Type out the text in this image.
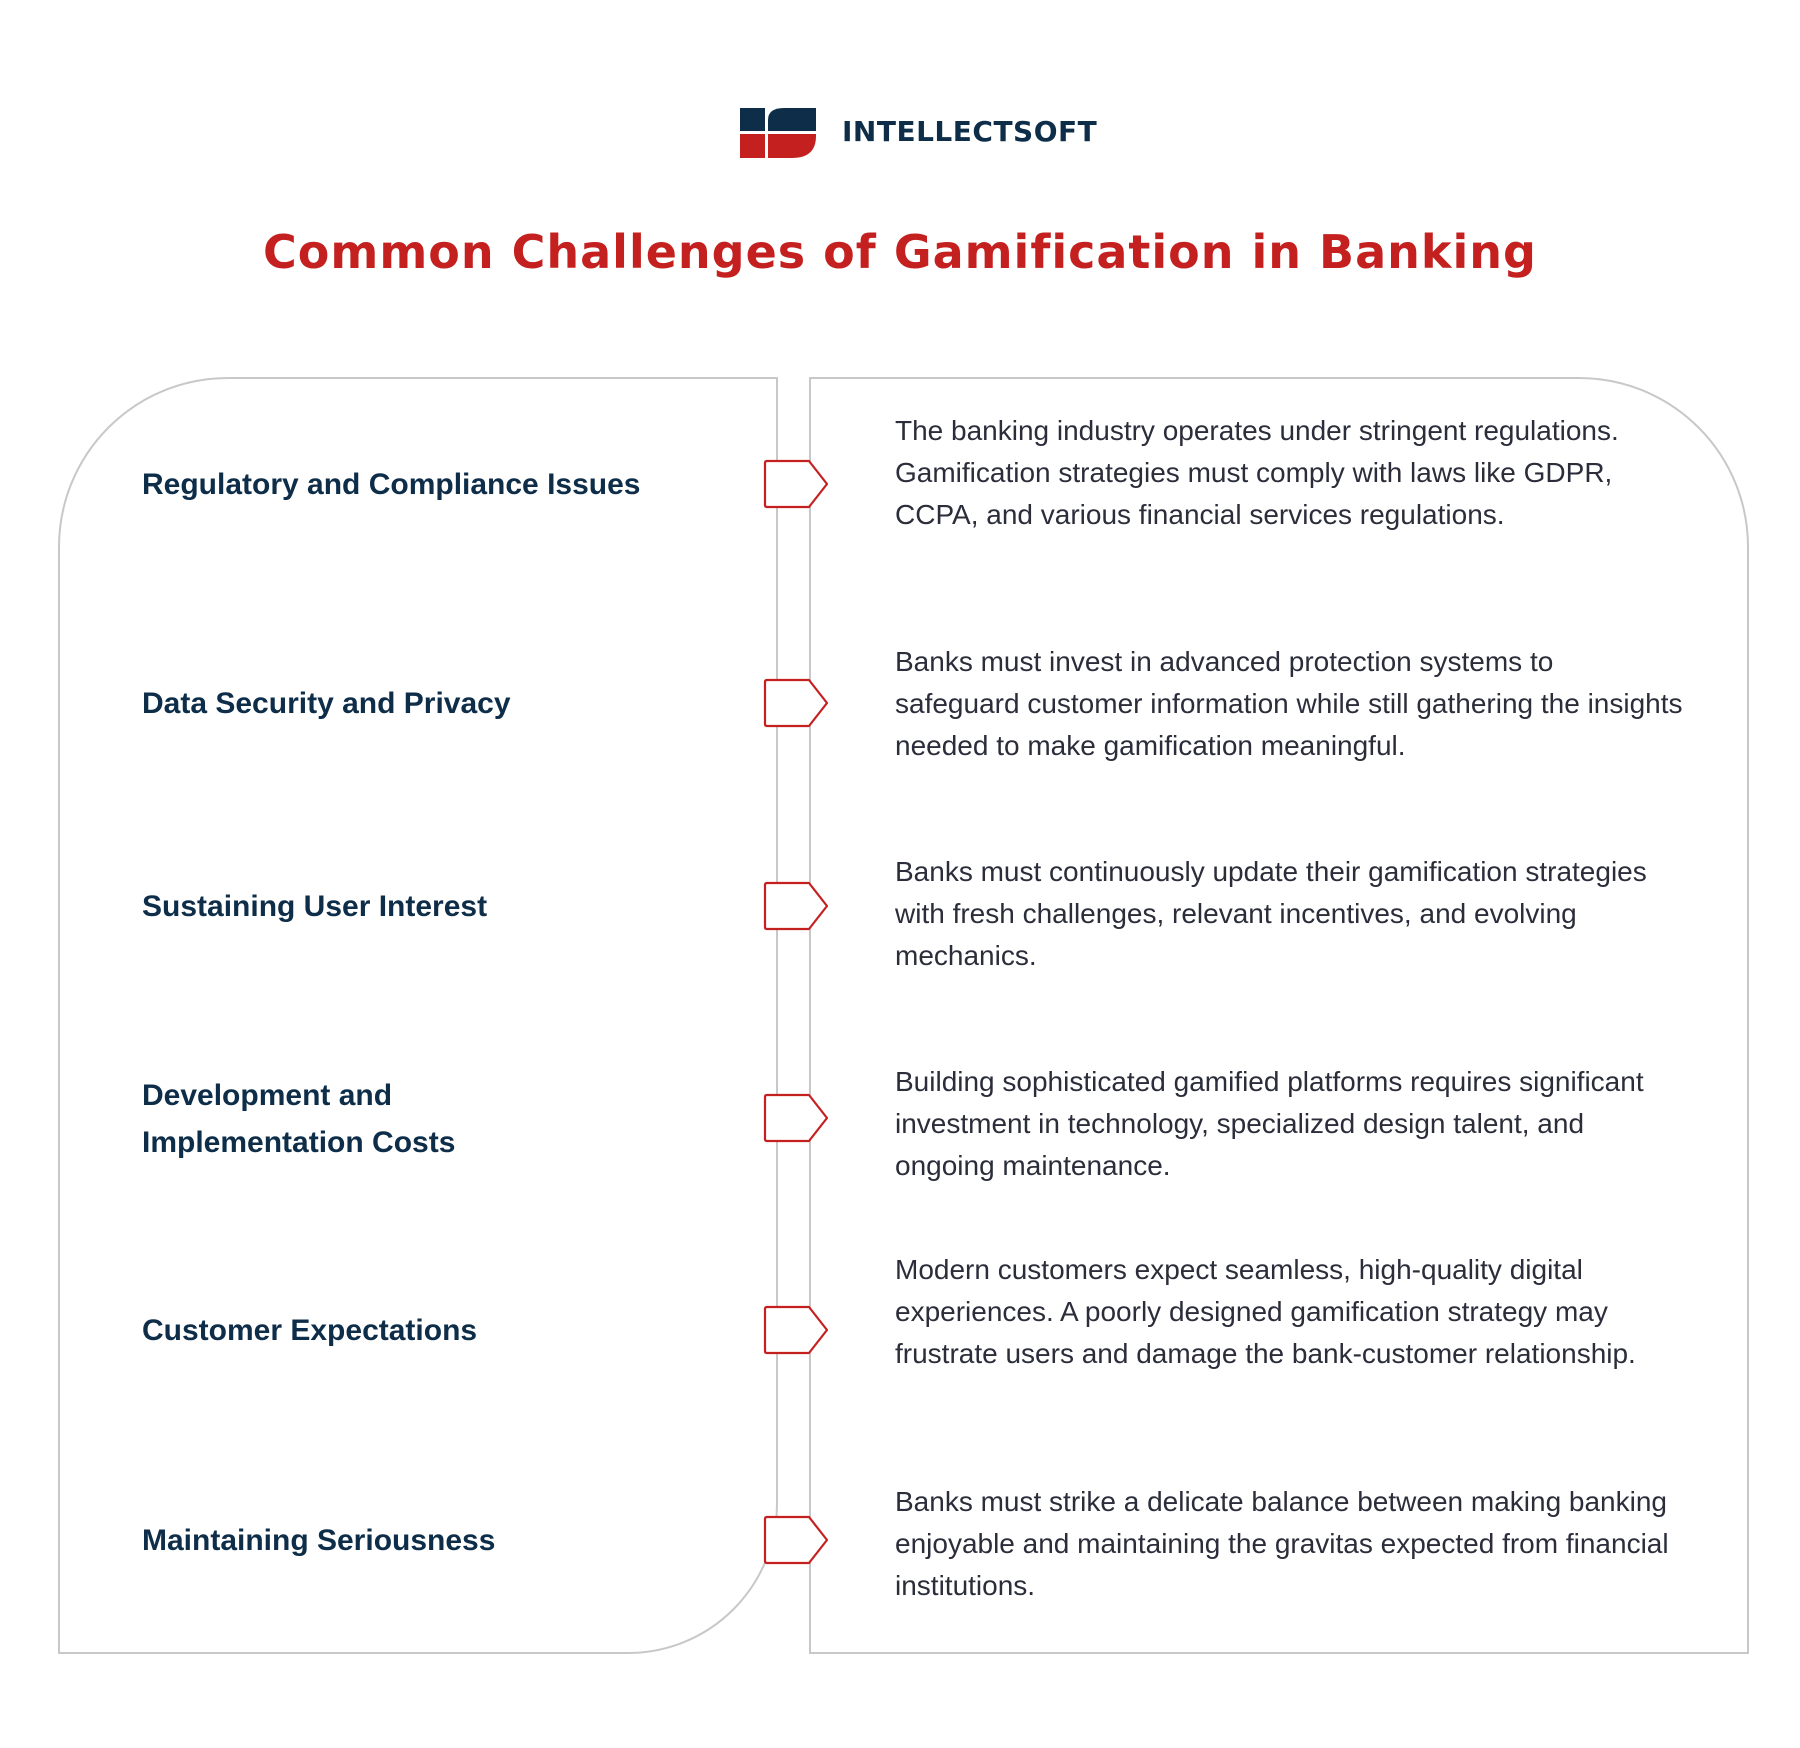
INTELLECTSOFT
Common Challenges of Gamification in Banking
Regulatory and Compliance Issues
The banking industry operates under stringent regulations. Gamification strategies must comply with laws like GDPR, CCPA, and various financial services regulations.
Data Security and Privacy
Banks must invest in advanced protection systems to safeguard customer information while still gathering the insights needed to make gamification meaningful.
Sustaining User Interest
Banks must continuously update their gamification strategies with fresh challenges, relevant incentives, and evolving mechanics.
Development and Implementation Costs
Building sophisticated gamified platforms requires significant investment in technology, specialized design talent, and ongoing maintenance.
Customer Expectations
Modern customers expect seamless, high-quality digital experiences. A poorly designed gamification strategy may frustrate users and damage the bank-customer relationship.
Maintaining Seriousness
Banks must strike a delicate balance between making banking enjoyable and maintaining the gravitas expected from financial institutions.
